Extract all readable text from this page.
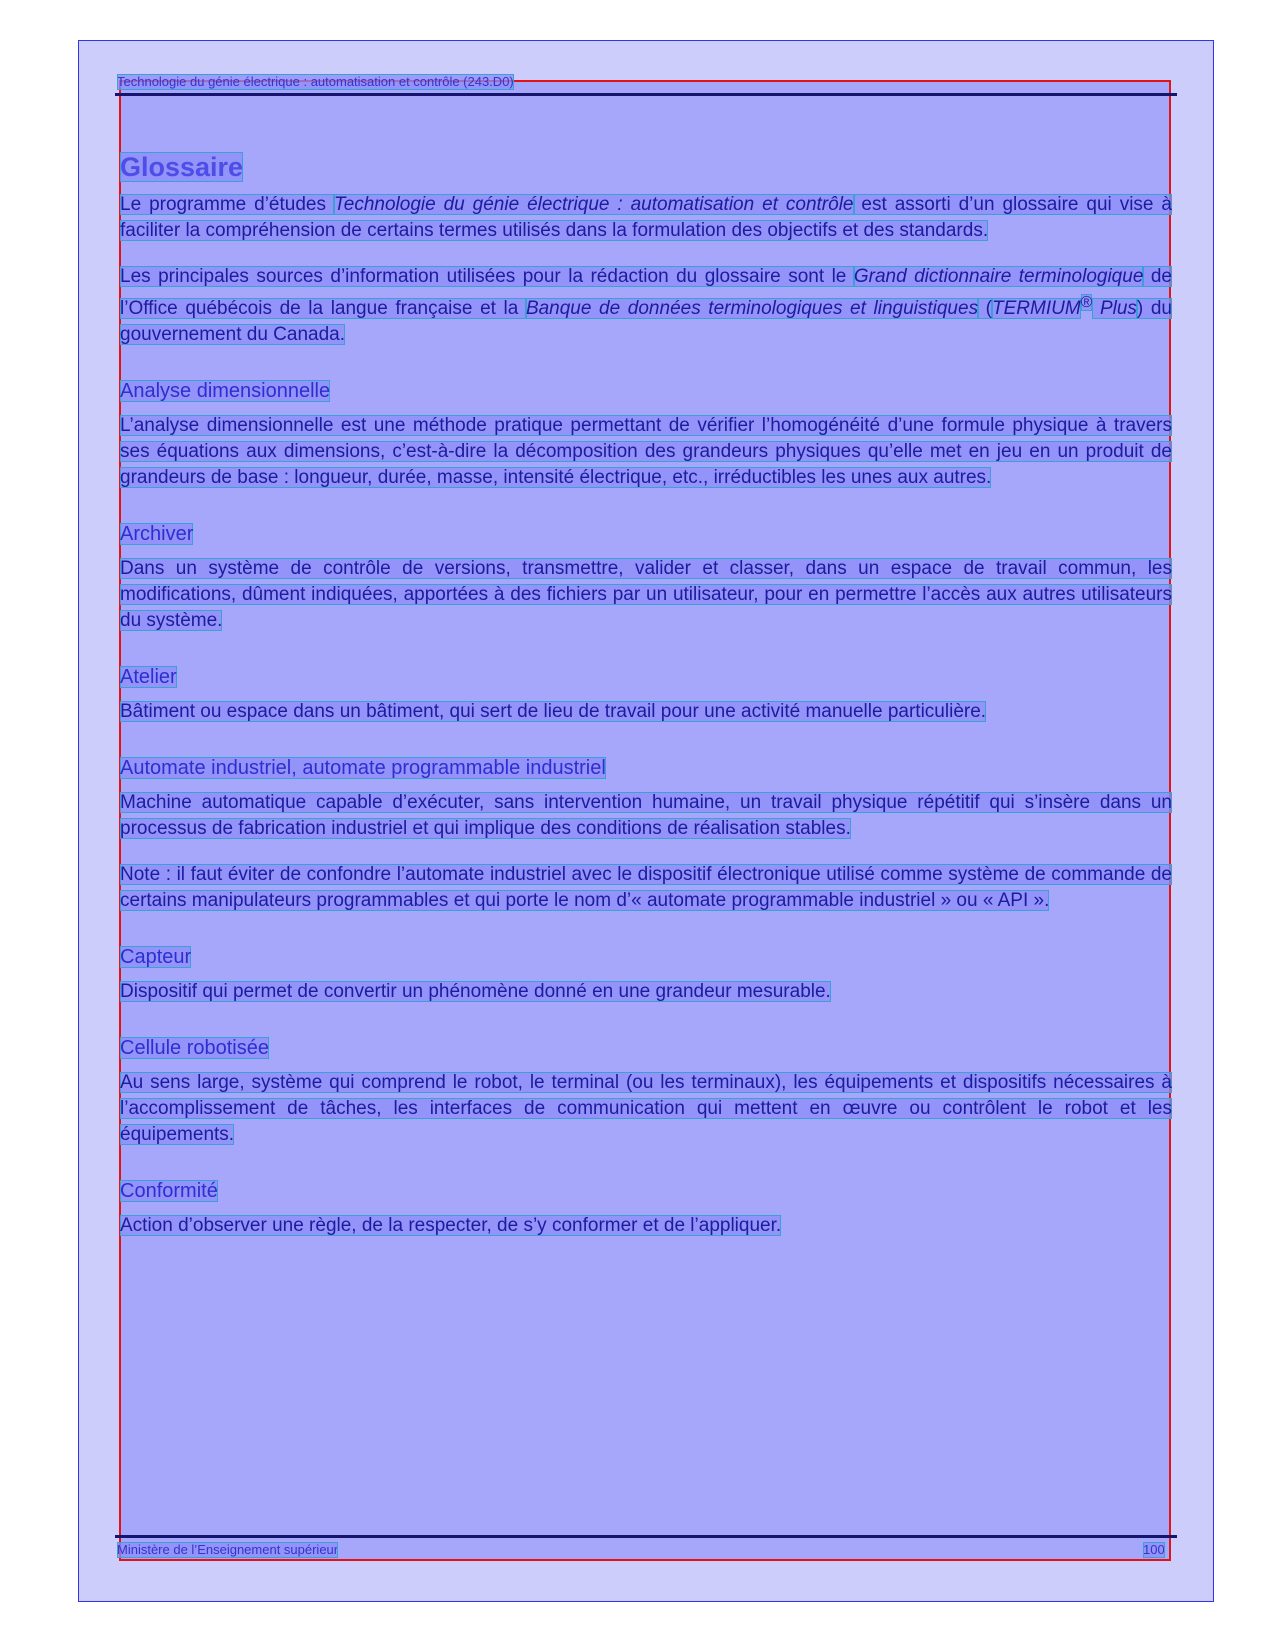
Technologie du génie électrique : automatisation et contrôle (243.D0)
Glossaire

Le programme d’études Technologie du génie électrique : automatisation et contrôle est assorti d’un glossaire qui vise à faciliter la compréhension de certains termes utilisés dans la formulation des objectifs et des standards.

Les principales sources d’information utilisées pour la rédaction du glossaire sont le Grand dictionnaire terminologique de l’Office québécois de la langue française et la Banque de données terminologiques et linguistiques (TERMIUM® Plus) du gouvernement du Canada.

Analyse dimensionnelle

L’analyse dimensionnelle est une méthode pratique permettant de vérifier l’homogénéité d’une formule physique à travers ses équations aux dimensions, c’est-à-dire la décomposition des grandeurs physiques qu’elle met en jeu en un produit de grandeurs de base : longueur, durée, masse, intensité électrique, etc., irréductibles les unes aux autres.

Archiver

Dans un système de contrôle de versions, transmettre, valider et classer, dans un espace de travail commun, les modifications, dûment indiquées, apportées à des fichiers par un utilisateur, pour en permettre l’accès aux autres utilisateurs du système.

Atelier

Bâtiment ou espace dans un bâtiment, qui sert de lieu de travail pour une activité manuelle particulière.

Automate industriel, automate programmable industriel

Machine automatique capable d’exécuter, sans intervention humaine, un travail physique répétitif qui s’insère dans un processus de fabrication industriel et qui implique des conditions de réalisation stables.

Note : il faut éviter de confondre l’automate industriel avec le dispositif électronique utilisé comme système de commande de certains manipulateurs programmables et qui porte le nom d’« automate programmable industriel » ou « API ».

Capteur

Dispositif qui permet de convertir un phénomène donné en une grandeur mesurable.

Cellule robotisée

Au sens large, système qui comprend le robot, le terminal (ou les terminaux), les équipements et dispositifs nécessaires à l’accomplissement de tâches, les interfaces de communication qui mettent en œuvre ou contrôlent le robot et les équipements.

Conformité

Action d’observer une règle, de la respecter, de s’y conformer et de l’appliquer.

Ministère de l’Enseignement supérieur	100
